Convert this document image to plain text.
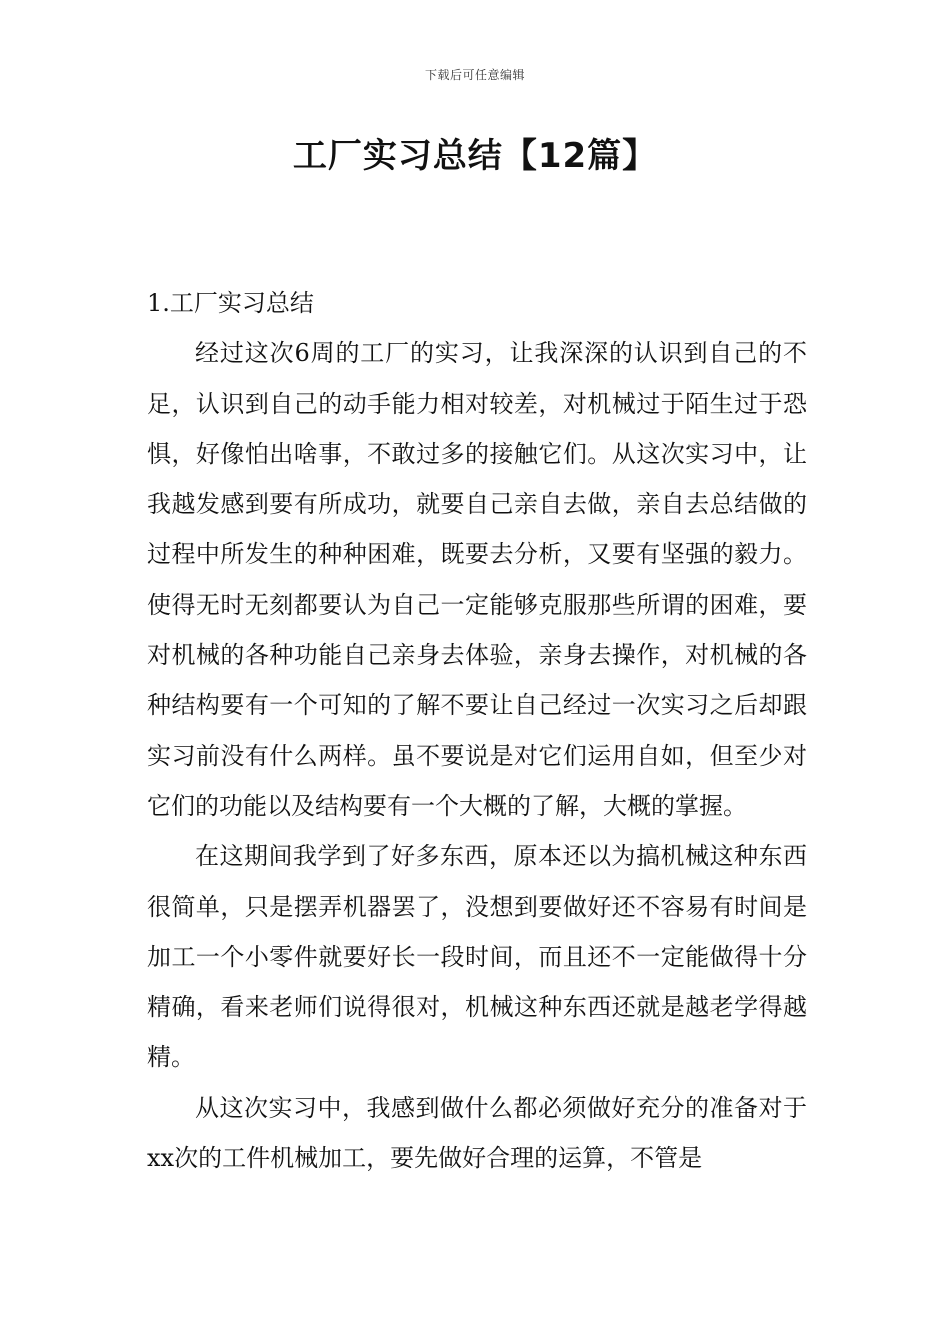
下载后可任意编辑
工厂实习总结【12篇】
1.工厂实习总结

经过这次6周的工厂的实习，让我深深的认识到自己的不足，认识到自己的动手能力相对较差，对机械过于陌生过于恐惧，好像怕出啥事，不敢过多的接触它们。从这次实习中，让我越发感到要有所成功，就要自己亲自去做，亲自去总结做的过程中所发生的种种困难，既要去分析，又要有坚强的毅力。使得无时无刻都要认为自己一定能够克服那些所谓的困难，要对机械的各种功能自己亲身去体验，亲身去操作，对机械的各种结构要有一个可知的了解不要让自己经过一次实习之后却跟实习前没有什么两样。虽不要说是对它们运用自如，但至少对它们的功能以及结构要有一个大概的了解，大概的掌握。

在这期间我学到了好多东西，原本还以为搞机械这种东西很简单，只是摆弄机器罢了，没想到要做好还不容易有时间是加工一个小零件就要好长一段时间，而且还不一定能做得十分精确，看来老师们说得很对，机械这种东西还就是越老学得越精。

从这次实习中，我感到做什么都必须做好充分的准备对于xx次的工件机械加工，要先做好合理的运算，不管是
